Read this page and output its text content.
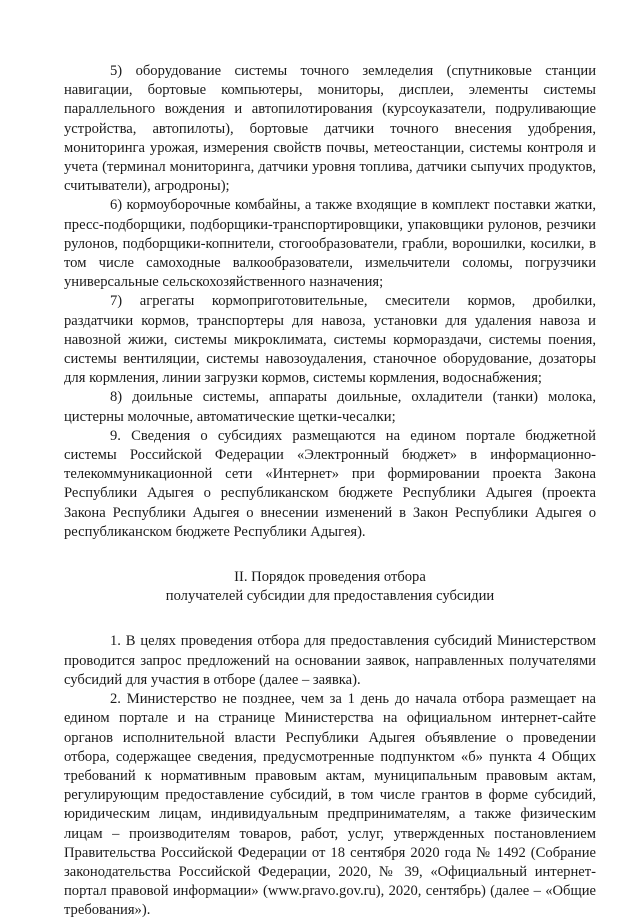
5) оборудование системы точного земледелия (спутниковые станции навигации, бортовые компьютеры, мониторы, дисплеи, элементы системы параллельного вождения и автопилотирования (курсоуказатели, подруливающие устройства, автопилоты), бортовые датчики точного внесения удобрения, мониторинга урожая, измерения свойств почвы, метеостанции, системы контроля и учета (терминал мониторинга, датчики уровня топлива, датчики сыпучих продуктов, считыватели), агродроны);

6) кормоуборочные комбайны, а также входящие в комплект поставки жатки, пресс-подборщики, подборщики-транспортировщики, упаковщики рулонов, резчики рулонов, подборщики-копнители, стогообразователи, грабли, ворошилки, косилки, в том числе самоходные валкообразователи, измельчители соломы, погрузчики универсальные сельскохозяйственного назначения;

7) агрегаты кормоприготовительные, смесители кормов, дробилки, раздатчики кормов, транспортеры для навоза, установки для удаления навоза и навозной жижи, системы микроклимата, системы кормораздачи, системы поения, системы вентиляции, системы навозоудаления, станочное оборудование, дозаторы для кормления, линии загрузки кормов, системы кормления, водоснабжения;

8) доильные системы, аппараты доильные, охладители (танки) молока, цистерны молочные, автоматические щетки-чесалки;

9. Сведения о субсидиях размещаются на едином портале бюджетной системы Российской Федерации «Электронный бюджет» в информационно-телекоммуникационной сети «Интернет» при формировании проекта Закона Республики Адыгея о республиканском бюджете Республики Адыгея (проекта Закона Республики Адыгея о внесении изменений в Закон Республики Адыгея о республиканском бюджете Республики Адыгея).

II. Порядок проведения отбора

получателей субсидии для предоставления субсидии

1. В целях проведения отбора для предоставления субсидий Министерством проводится запрос предложений на основании заявок, направленных получателями субсидий для участия в отборе (далее – заявка).

2. Министерство не позднее, чем за 1 день до начала отбора размещает на едином портале и на странице Министерства на официальном интернет-сайте органов исполнительной власти Республики Адыгея объявление о проведении отбора, содержащее сведения, предусмотренные подпунктом «б» пункта 4 Общих требований к нормативным правовым актам, муниципальным правовым актам, регулирующим предоставление субсидий, в том числе грантов в форме субсидий, юридическим лицам, индивидуальным предпринимателям, а также физическим лицам – производителям товаров, работ, услуг, утвержденных постановлением Правительства Российской Федерации от 18 сентября 2020 года № 1492 (Собрание законодательства Российской Федерации, 2020, № 39, «Официальный интернет-портал правовой информации» (www.pravo.gov.ru), 2020, сентябрь) (далее – «Общие требования»).
